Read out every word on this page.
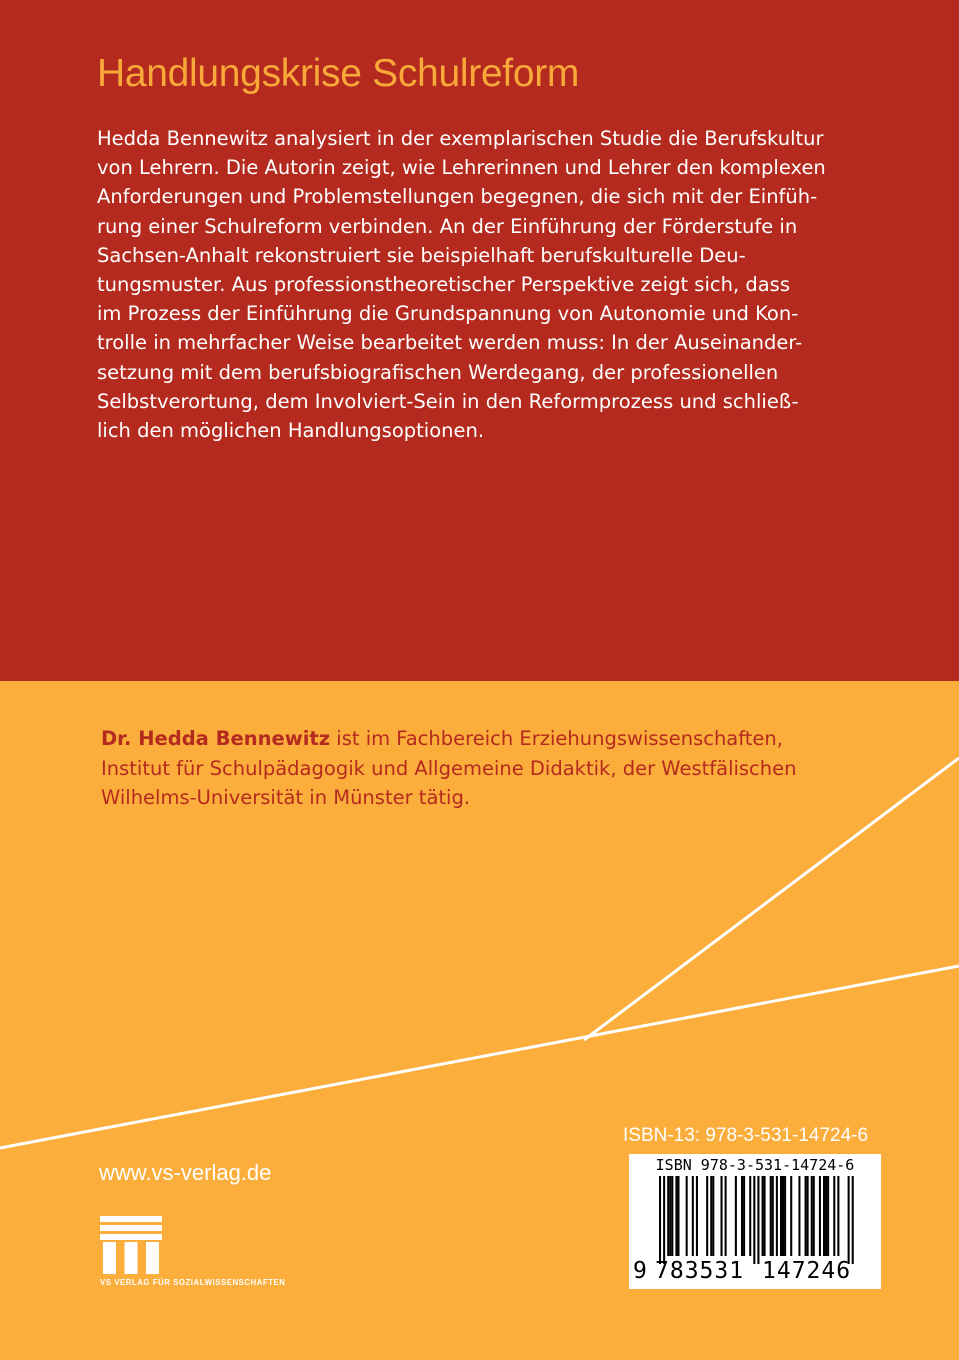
Handlungskrise Schulreform

Hedda Bennewitz analysiert in der exemplarischen Studie die Berufskultur
von Lehrern. Die Autorin zeigt, wie Lehrerinnen und Lehrer den komplexen
Anforderungen und Problemstellungen begegnen, die sich mit der Einfüh-
rung einer Schulreform verbinden. An der Einführung der Förderstufe in
Sachsen-Anhalt rekonstruiert sie beispielhaft berufskulturelle Deu-
tungsmuster. Aus professionstheoretischer Perspektive zeigt sich, dass
im Prozess der Einführung die Grundspannung von Autonomie und Kon-
trolle in mehrfacher Weise bearbeitet werden muss: In der Auseinander-
setzung mit dem berufsbiografischen Werdegang, der professionellen
Selbstverortung, dem Involviert-Sein in den Reformprozess und schließ-
lich den möglichen Handlungsoptionen.

Dr. Hedda Bennewitz ist im Fachbereich Erziehungswissenschaften,
Institut für Schulpädagogik und Allgemeine Didaktik, der Westfälischen
Wilhelms-Universität in Münster tätig.

www.vs-verlag.de
VS VERLAG FÜR SOZIALWISSENSCHAFTEN
ISBN-13: 978-3-531-14724-6
ISBN 978-3-531-14724-6
9 783531 147246
